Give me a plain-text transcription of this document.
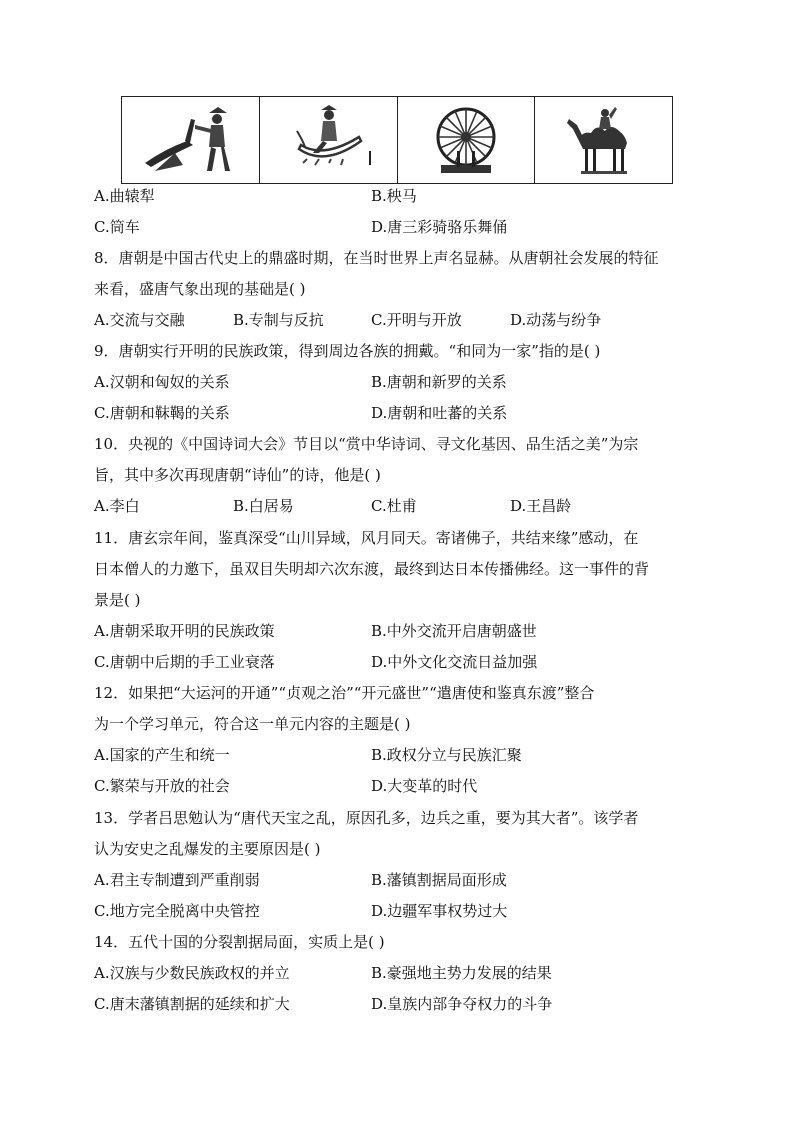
A.曲辕犁	B.秧马
C.筒车	D.唐三彩骑骆乐舞俑
8．唐朝是中国古代史上的鼎盛时期，在当时世界上声名显赫。从唐朝社会发展的特征
来看，盛唐气象出现的基础是( )
A.交流与交融	B.专制与反抗	C.开明与开放	D.动荡与纷争
9．唐朝实行开明的民族政策，得到周边各族的拥戴。“和同为一家”指的是( )
A.汉朝和匈奴的关系	B.唐朝和新罗的关系
C.唐朝和靺鞨的关系	D.唐朝和吐蕃的关系
10．央视的《中国诗词大会》节目以“赏中华诗词、寻文化基因、品生活之美”为宗
旨，其中多次再现唐朝“诗仙”的诗，他是( )
A.李白	B.白居易	C.杜甫	D.王昌龄
11．唐玄宗年间，鉴真深受“山川异域，风月同天。寄诸佛子，共结来缘”感动，在
日本僧人的力邀下，虽双目失明却六次东渡，最终到达日本传播佛经。这一事件的背
景是( )
A.唐朝采取开明的民族政策	B.中外交流开启唐朝盛世
C.唐朝中后期的手工业衰落	D.中外文化交流日益加强
12．如果把“大运河的开通”“贞观之治”“开元盛世”“遣唐使和鉴真东渡”整合
为一个学习单元，符合这一单元内容的主题是( )
A.国家的产生和统一	B.政权分立与民族汇聚
C.繁荣与开放的社会	D.大变革的时代
13．学者吕思勉认为“唐代天宝之乱，原因孔多，边兵之重，要为其大者”。该学者
认为安史之乱爆发的主要原因是( )
A.君主专制遭到严重削弱	B.藩镇割据局面形成
C.地方完全脱离中央管控	D.边疆军事权势过大
14．五代十国的分裂割据局面，实质上是( )
A.汉族与少数民族政权的并立	B.豪强地主势力发展的结果
C.唐末藩镇割据的延续和扩大	D.皇族内部争夺权力的斗争
